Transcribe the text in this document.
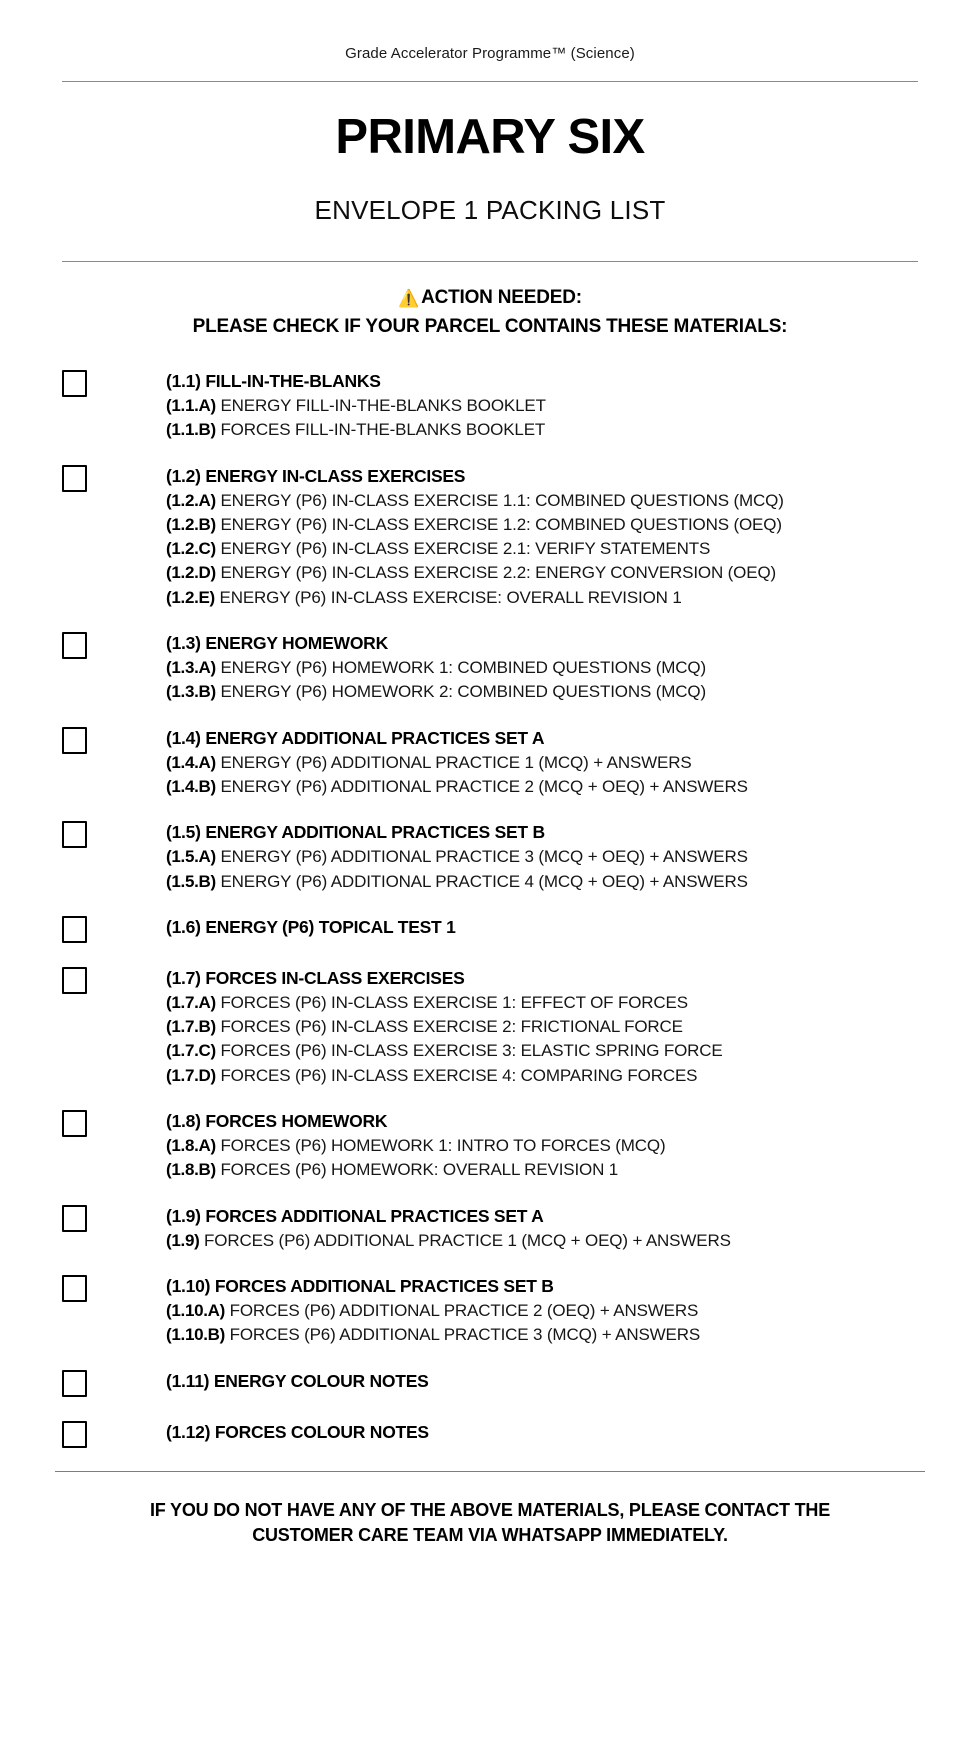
Grade Accelerator Programme™ (Science)
PRIMARY SIX
ENVELOPE 1 PACKING LIST
⚠️ ACTION NEEDED:
PLEASE CHECK IF YOUR PARCEL CONTAINS THESE MATERIALS:
(1.1) FILL-IN-THE-BLANKS
(1.1.A) ENERGY FILL-IN-THE-BLANKS BOOKLET
(1.1.B) FORCES FILL-IN-THE-BLANKS BOOKLET
(1.2) ENERGY IN-CLASS EXERCISES
(1.2.A) ENERGY (P6) IN-CLASS EXERCISE 1.1: COMBINED QUESTIONS (MCQ)
(1.2.B) ENERGY (P6) IN-CLASS EXERCISE 1.2: COMBINED QUESTIONS (OEQ)
(1.2.C) ENERGY (P6) IN-CLASS EXERCISE 2.1: VERIFY STATEMENTS
(1.2.D) ENERGY (P6) IN-CLASS EXERCISE 2.2: ENERGY CONVERSION (OEQ)
(1.2.E) ENERGY (P6) IN-CLASS EXERCISE: OVERALL REVISION 1
(1.3) ENERGY HOMEWORK
(1.3.A) ENERGY (P6) HOMEWORK 1: COMBINED QUESTIONS (MCQ)
(1.3.B) ENERGY (P6) HOMEWORK 2: COMBINED QUESTIONS (MCQ)
(1.4) ENERGY ADDITIONAL PRACTICES SET A
(1.4.A) ENERGY (P6) ADDITIONAL PRACTICE 1 (MCQ) + ANSWERS
(1.4.B) ENERGY (P6) ADDITIONAL PRACTICE 2 (MCQ + OEQ) + ANSWERS
(1.5) ENERGY ADDITIONAL PRACTICES SET B
(1.5.A) ENERGY (P6) ADDITIONAL PRACTICE 3 (MCQ + OEQ) + ANSWERS
(1.5.B) ENERGY (P6) ADDITIONAL PRACTICE 4 (MCQ + OEQ) + ANSWERS
(1.6) ENERGY (P6) TOPICAL TEST 1
(1.7) FORCES IN-CLASS EXERCISES
(1.7.A) FORCES (P6) IN-CLASS EXERCISE 1: EFFECT OF FORCES
(1.7.B) FORCES (P6) IN-CLASS EXERCISE 2: FRICTIONAL FORCE
(1.7.C) FORCES (P6) IN-CLASS EXERCISE 3: ELASTIC SPRING FORCE
(1.7.D) FORCES (P6) IN-CLASS EXERCISE 4: COMPARING FORCES
(1.8) FORCES HOMEWORK
(1.8.A) FORCES (P6) HOMEWORK 1: INTRO TO FORCES (MCQ)
(1.8.B) FORCES (P6) HOMEWORK: OVERALL REVISION 1
(1.9) FORCES ADDITIONAL PRACTICES SET A
(1.9) FORCES (P6) ADDITIONAL PRACTICE 1 (MCQ + OEQ) + ANSWERS
(1.10) FORCES ADDITIONAL PRACTICES SET B
(1.10.A) FORCES (P6) ADDITIONAL PRACTICE 2 (OEQ) + ANSWERS
(1.10.B) FORCES (P6) ADDITIONAL PRACTICE 3 (MCQ) + ANSWERS
(1.11) ENERGY COLOUR NOTES
(1.12) FORCES COLOUR NOTES
IF YOU DO NOT HAVE ANY OF THE ABOVE MATERIALS, PLEASE CONTACT THE
CUSTOMER CARE TEAM VIA WHATSAPP IMMEDIATELY.
